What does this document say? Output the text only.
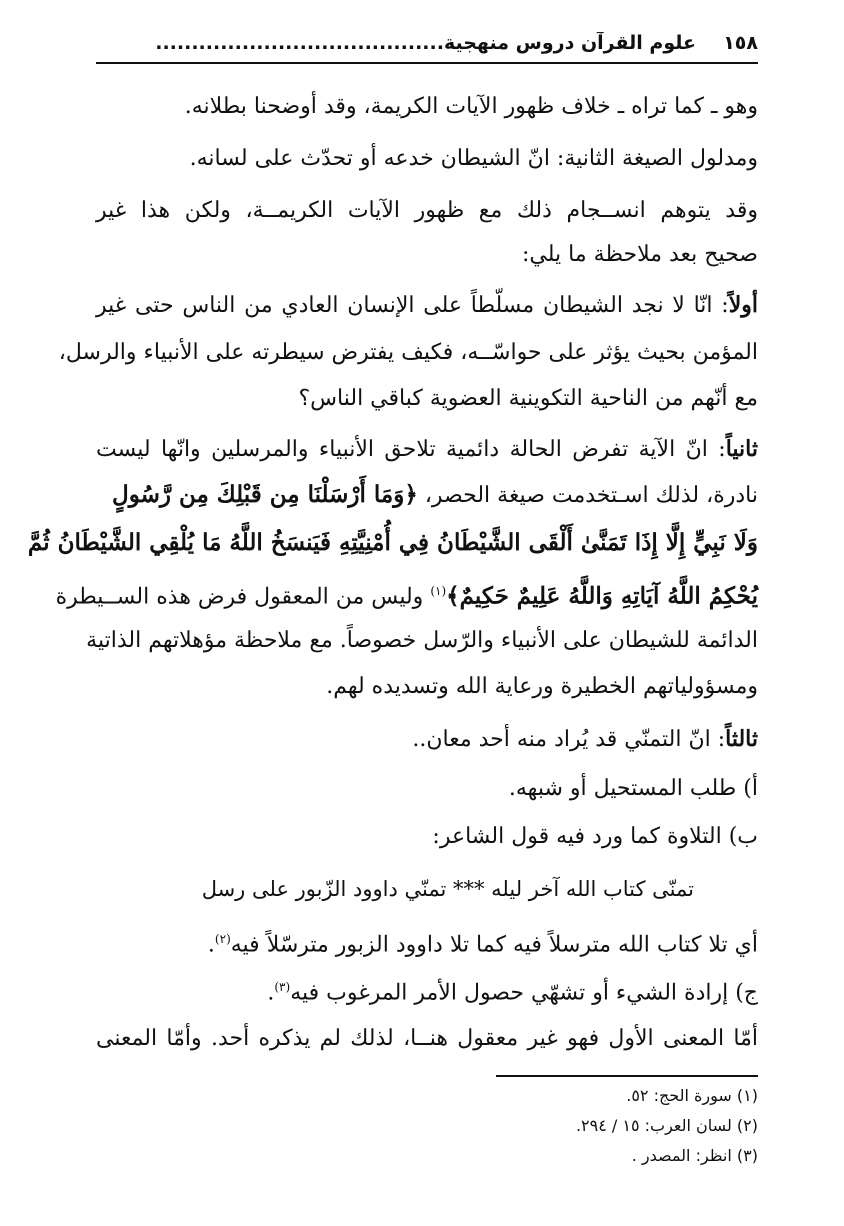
١٥٨
علوم القرآن دروس منهجية........................................
وهو ـ كما تراه ـ خلاف ظهور الآيات الكريمة، وقد أوضحنا بطلانه.
ومدلول الصيغة الثانية: انّ الشيطان خدعه أو تحدّث على لسانه.
وقد يتوهم انســجام ذلك مع ظهور الآيات الكريمــة، ولكن هذا غير
صحيح بعد ملاحظة ما يلي:
أولاً: انّا لا نجد الشيطان مسلّطاً على الإنسان العادي من الناس حتى غير
المؤمن بحيث يؤثر على حواسّــه، فكيف يفترض سيطرته على الأنبياء والرسل،
مع أنّهم من الناحية التكوينية العضوية كباقي الناس؟
ثانياً: انّ الآية تفرض الحالة دائمية تلاحق الأنبياء والمرسلين وانّها ليست
نادرة، لذلك اسـتخدمت صيغة الحصر، ﴿وَمَا أَرْسَلْنَا مِن قَبْلِكَ مِن رَّسُولٍ
وَلَا نَبِيٍّ إِلَّا إِذَا تَمَنَّىٰ أَلْقَى الشَّيْطَانُ فِي أُمْنِيَّتِهِ فَيَنسَخُ اللَّهُ مَا يُلْقِي الشَّيْطَانُ ثُمَّ
يُحْكِمُ اللَّهُ آيَاتِهِ وَاللَّهُ عَلِيمٌ حَكِيمٌ﴾$^{(١)}$ وليس من المعقول فرض هذه الســيطرة
الدائمة للشيطان على الأنبياء والرّسل خصوصاً. مع ملاحظة مؤهلاتهم الذاتية
ومسؤولياتهم الخطيرة ورعاية الله وتسديده لهم.
ثالثاً: انّ التمنّي قد يُراد منه أحد معان..
أ) طلب المستحيل أو شبهه.
ب) التلاوة كما ورد فيه قول الشاعر:
تمنّى كتاب الله آخر ليله *** تمنّي داوود الزّبور على رسل
أي تلا كتاب الله مترسلاً فيه كما تلا داوود الزبور مترسّلاً فيه$^{(٢)}$.
ج) إرادة الشيء أو تشهّي حصول الأمر المرغوب فيه$^{(٣)}$.
أمّا المعنى الأول فهو غير معقول هنــا، لذلك لم يذكره أحد. وأمّا المعنى
(١) سورة الحج: ٥٢.
(٢) لسان العرب: ١٥ / ٢٩٤.
(٣) انظر: المصدر .
